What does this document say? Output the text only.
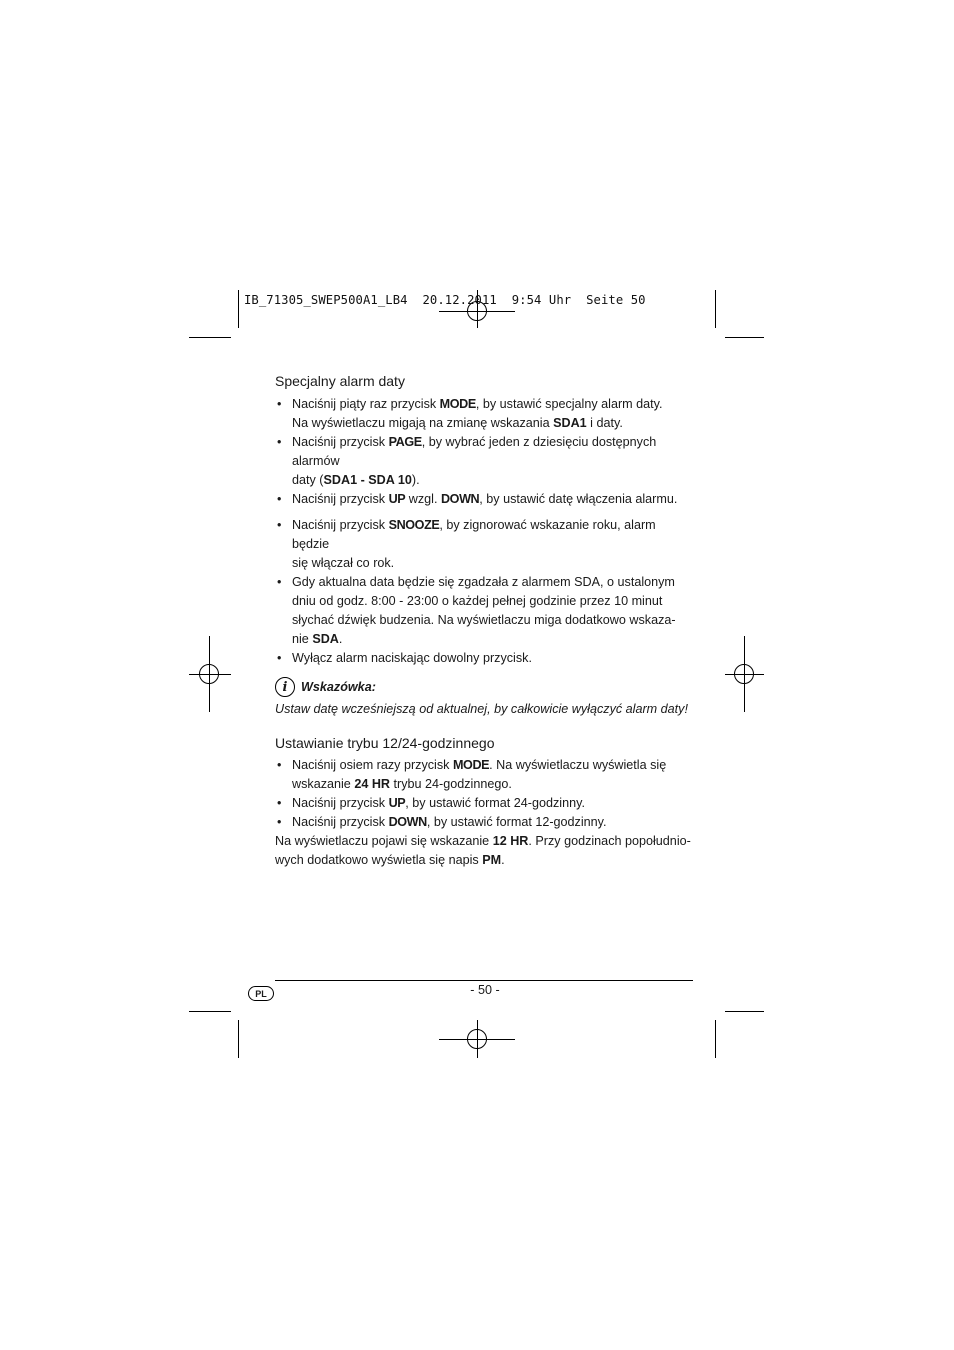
IB_71305_SWEP500A1_LB4  20.12.2011  9:54 Uhr  Seite 50
Specjalny alarm daty
• Naciśnij piąty raz przycisk MODE, by ustawić specjalny alarm daty.
Na wyświetlaczu migają na zmianę wskazania SDA1 i daty.
• Naciśnij przycisk PAGE, by wybrać jeden z dziesięciu dostępnych alarmów
daty (SDA1 - SDA 10).
• Naciśnij przycisk UP wzgl. DOWN, by ustawić datę włączenia alarmu.
• Naciśnij przycisk SNOOZE, by zignorować wskazanie roku, alarm będzie
się włączał co rok.
• Gdy aktualna data będzie się zgadzała z alarmem SDA, o ustalonym
dniu od godz. 8:00 - 23:00 o każdej pełnej godzinie przez 10 minut
słychać dźwięk budzenia. Na wyświetlaczu miga dodatkowo wskaza-
nie SDA.
• Wyłącz alarm naciskając dowolny przycisk.
i	Wskazówka:
Ustaw datę wcześniejszą od aktualnej, by całkowicie wyłączyć alarm daty!
Ustawianie trybu 12/24-godzinnego
• Naciśnij osiem razy przycisk MODE. Na wyświetlaczu wyświetla się
wskazanie 24 HR trybu 24-godzinnego.
• Naciśnij przycisk UP, by ustawić format 24-godzinny.
• Naciśnij przycisk DOWN, by ustawić format 12-godzinny.
Na wyświetlaczu pojawi się wskazanie 12 HR. Przy godzinach popołudnio-
wych dodatkowo wyświetla się napis PM.
PL	- 50 -
